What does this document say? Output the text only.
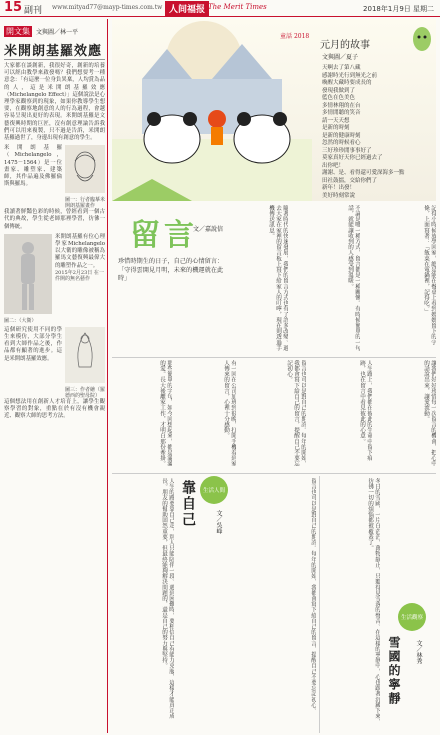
15 副刊 www.mityad77@mayp-times.com.tw 人间福报 The Merit Times	2018年1月9日 星期二
開文集 文與圖／林一平
米開朗基羅效應
大家都在談創新，我很好奇，創新的培養可以經由教學來啟發嗎？我們想要考一種意念：「有這麼一位身負異稟，人均賞為品的人，這是米開朗基羅效應（Michelangelo Effect）」這個說法是心理學家觀察到的現象，如果你教導學生想要，在觀察地創意的人的行為過程，會越容易呈現出更好的表現。米開朗基羅是文藝復興時期的巨匠，沒有創意理論告訴我們可以用來複製，只不過是告訴，米開朗基羅過世了，身邊出現有創意的學生。
米開朗基羅（Michelangelo，1475－1564）是一位畫家、雕塑家、建築師，其作品遍及佛羅倫斯與羅馬。
圖一：行者臨摹米開朗基羅畫作
我讀著鮮豔色彩的時候，曾經看到一個古代的典故，學生從老師那裡學習，彷彿一個傳統。
圖二：（大衛）
米開朗基羅有位心理學家Michelangelo以大衛的雕像被稱為羅馬文藝復興最偉大的雕塑作品之一。
2015年2月23日 在一件開的無名藝作
這個研究使用不同的學生來模仿，大部分學生看到大師作品之後，作品都有顯著的進步。這是米開朗基羅效應。
圖三：作者繪（羅德西的聖母院）
這個想法用在創新人才培育上，讓學生觀察學習的對象，重點在於有沒有機會親近、觀察大師的思考方法。
童話 2018
元月的故事
文與圖／夏子
天啊去了第八藏
感謝時光行到無光之前
喚醒大藏時要成長的
發現我做到了
藍色在色美色
多情林翔的在台
多情閒聽的笑音
請一天天想
是新的時刻
是新的健康時刻
忽然的時候看心
三好珍珍閒事事好了
莫家真好天你已經過去了
出你吧！
謝謝、是、看得還可愛深海多一點
田社鼓擂，交給你們了
新年！出發！
美好時刻常說
留言
文／嘉說信
珍惜時期生的日子，自己的心情留言：「守得雲開見月明，未來的機運就在此時」	隨著時代的快速發展，我們的留言方式也有了許多改變。過去大家在家裡的留言板上寫下給家人的叮嚀，現在則透過手機傳送訊息。	不論是哪一種方式，留言都是一種關懷。有時候簡單的一句話，就能讓收到的人感受到溫暖。	記得小時候放學回家，總是能在餐桌上看到媽媽留下的字條，上面寫著：「飯菜在電鍋裡，記得吃。」
那些簡單的字句，如今回想起來，都是滿滿的愛。長大後離家工作，才明白那份牽掛。	有一回在公司加班到很晚，打開手機看到家人傳來的留言，心裡十分感動。	留言也可以是對自己的期許。每年的開始，我都會寫下給自己的留言，提醒自己不要忘記初心。	人生路上，我們都在彼此的生命中留下痕跡，也在留言中看見彼此的心意。	讓我們好好珍惜每一次留言的機會，把心中的話說出來，讓愛流動。
靠自己	生活人間
文／吳峰
人生的路要靠自己走，別人只能陪伴一段。遇到困難時，要相信自己有能力克服，這樣才能真正成長。朋友的幫助固然重要，但最終能夠解決問題的，還是自己的努力與堅持。	留言也可以是對自己的期許。每年的開始，我都會寫下給自己的留言，提醒自己不要忘記初心。	冬日的雪國，一片白茫茫，萬物靜止，只聽得見雪落的聲音。在這樣的寧靜中，心也跟著沉澱下來，彷彿一切的煩惱都被覆蓋了。
生活觀察
雪國的寧靜	文／林秀
